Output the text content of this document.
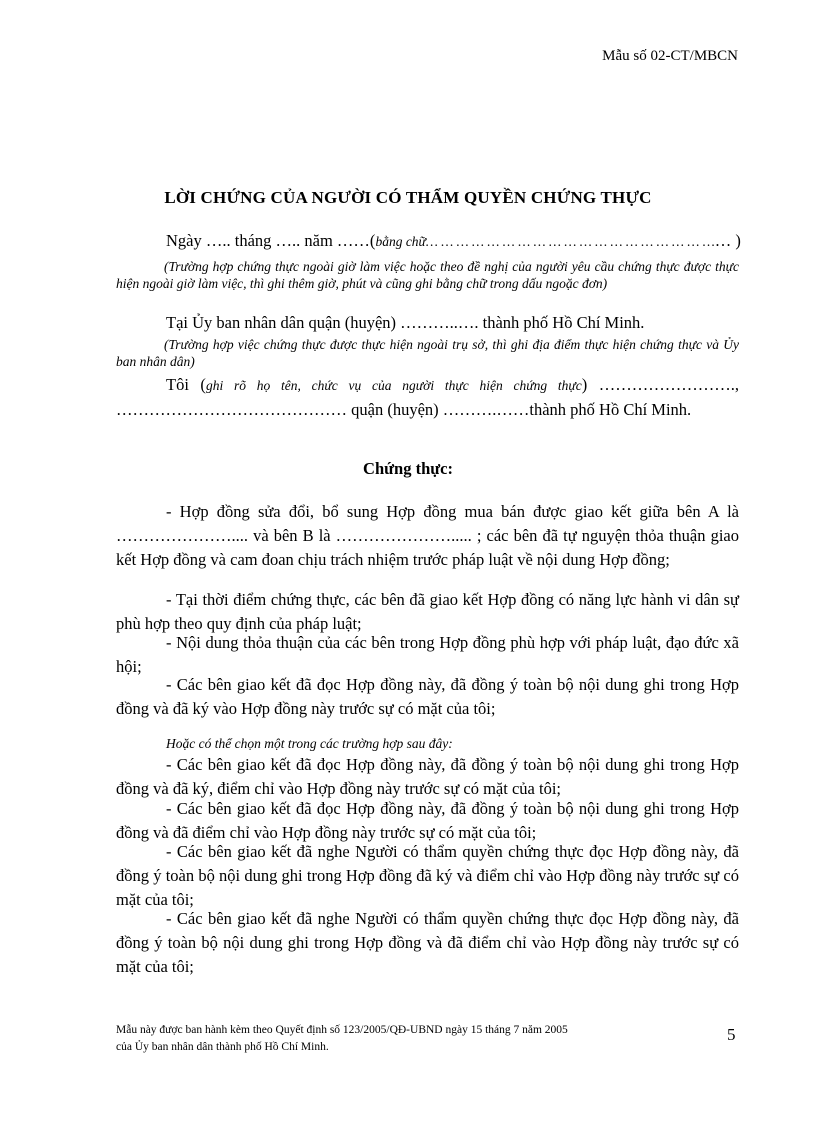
Mẫu số 02-CT/MBCN
LỜI CHỨNG CỦA NGƯỜI CÓ THẨM QUYỀN CHỨNG THỰC
Ngày ….. tháng ….. năm ……(bằng chữ… … … … … … … … … … … … … … … … … … …… )

(Trường hợp chứng thực ngoài giờ làm việc hoặc theo đề nghị của người yêu cầu chứng thực được thực hiện ngoài giờ làm việc, thì ghi thêm giờ, phút và cũng ghi bằng chữ trong dấu ngoặc đơn)

Tại Ủy ban nhân dân quận (huyện) ………..…. thành phố Hồ Chí Minh.

(Trường hợp việc chứng thực được thực hiện ngoài trụ sở, thì ghi địa điểm thực hiện chứng thực và Ủy ban nhân dân)

Tôi (ghi rõ họ tên, chức vụ của người thực hiện chứng thực) ……………………., …………………………………… quận (huyện) ……….……thành phố Hồ Chí Minh.

Chứng thực:

- Hợp đồng sửa đổi, bổ sung Hợp đồng mua bán được giao kết giữa bên A là ………………….... và bên B là …………………..... ; các bên đã tự nguyện thỏa thuận giao kết Hợp đồng và cam đoan chịu trách nhiệm trước pháp luật về nội dung Hợp đồng;

- Tại thời điểm chứng thực, các bên đã giao kết Hợp đồng có năng lực hành vi dân sự phù hợp theo quy định của pháp luật;

- Nội dung thỏa thuận của các bên trong Hợp đồng phù hợp với pháp luật, đạo đức xã hội;

- Các bên giao kết đã đọc Hợp đồng này, đã đồng ý toàn bộ nội dung ghi trong Hợp đồng và đã ký vào Hợp đồng này trước sự có mặt của tôi;

Hoặc có thể chọn một trong các trường hợp sau đây:

- Các bên giao kết đã đọc Hợp đồng này, đã đồng ý toàn bộ nội dung ghi trong Hợp đồng và đã ký, điểm chỉ vào Hợp đồng này trước sự có mặt của tôi;

- Các bên giao kết đã đọc Hợp đồng này, đã đồng ý toàn bộ nội dung ghi trong Hợp đồng và đã điểm chỉ vào Hợp đồng này trước sự có mặt của tôi;

- Các bên giao kết đã nghe Người có thẩm quyền chứng thực đọc Hợp đồng này, đã đồng ý toàn bộ nội dung ghi trong Hợp đồng đã ký và điểm chỉ vào Hợp đồng này trước sự có mặt của tôi;

- Các bên giao kết đã nghe Người có thẩm quyền chứng thực đọc Hợp đồng này, đã đồng ý toàn bộ nội dung ghi trong Hợp đồng và đã điểm chỉ vào Hợp đồng này trước sự có mặt của tôi;

Mẫu này được ban hành kèm theo Quyết định số 123/2005/QĐ-UBND ngày 15 tháng 7 năm 2005
của Ủy ban nhân dân thành phố Hồ Chí Minh.
5
